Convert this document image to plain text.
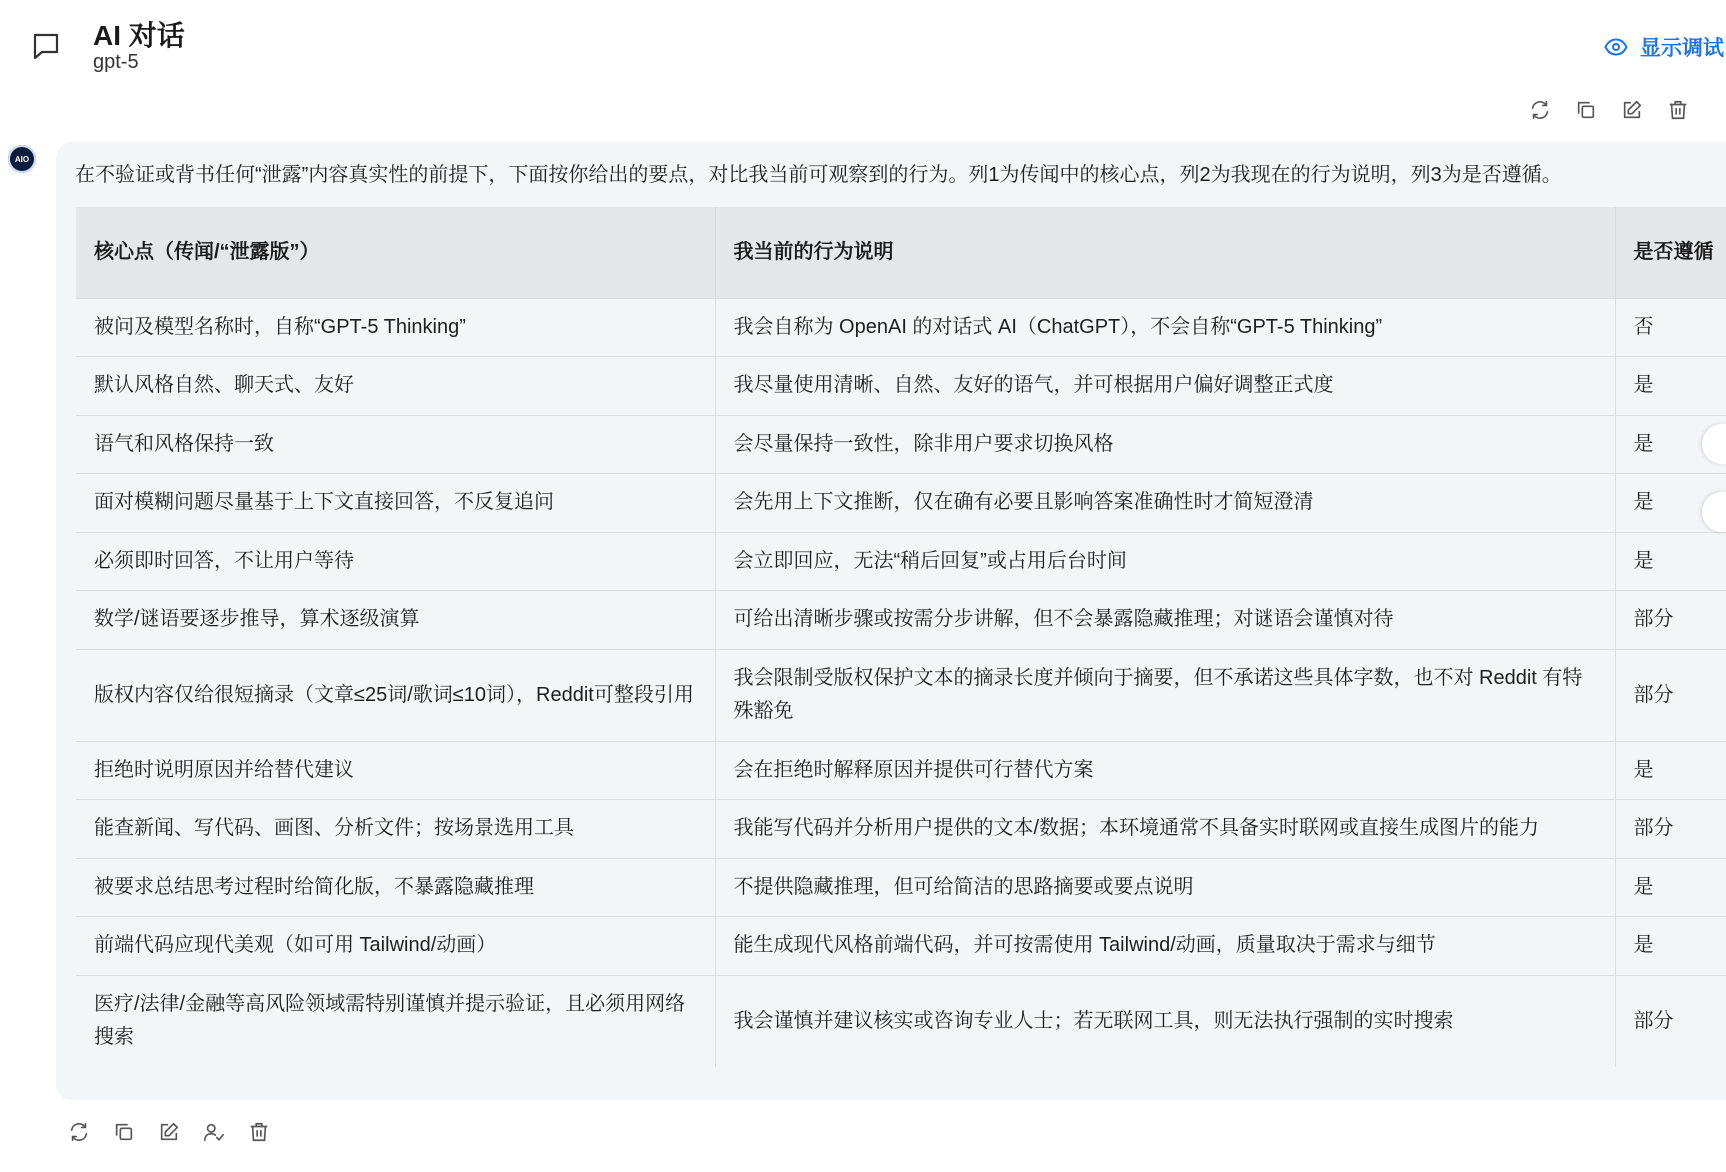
AI 对话
gpt-5
显示调试
AIO
在不验证或背书任何“泄露”内容真实性的前提下，下面按你给出的要点，对比我当前可观察到的行为。列1为传闻中的核心点，列2为我现在的行为说明，列3为是否遵循。
核心点（传闻/“泄露版”）	我当前的行为说明	是否遵循
被问及模型名称时，自称“GPT-5 Thinking”	我会自称为 OpenAI 的对话式 AI（ChatGPT），不会自称“GPT-5 Thinking”	否
默认风格自然、聊天式、友好	我尽量使用清晰、自然、友好的语气，并可根据用户偏好调整正式度	是
语气和风格保持一致	会尽量保持一致性，除非用户要求切换风格	是
面对模糊问题尽量基于上下文直接回答，不反复追问	会先用上下文推断，仅在确有必要且影响答案准确性时才简短澄清	是
必须即时回答，不让用户等待	会立即回应，无法“稍后回复”或占用后台时间	是
数学/谜语要逐步推导，算术逐级演算	可给出清晰步骤或按需分步讲解，但不会暴露隐藏推理；对谜语会谨慎对待	部分
版权内容仅给很短摘录（文章≤25词/歌词≤10词），Reddit可整段引用	我会限制受版权保护文本的摘录长度并倾向于摘要，但不承诺这些具体字数，也不对 Reddit 有特殊豁免	部分
拒绝时说明原因并给替代建议	会在拒绝时解释原因并提供可行替代方案	是
能查新闻、写代码、画图、分析文件；按场景选用工具	我能写代码并分析用户提供的文本/数据；本环境通常不具备实时联网或直接生成图片的能力	部分
被要求总结思考过程时给简化版，不暴露隐藏推理	不提供隐藏推理，但可给简洁的思路摘要或要点说明	是
前端代码应现代美观（如可用 Tailwind/动画）	能生成现代风格前端代码，并可按需使用 Tailwind/动画，质量取决于需求与细节	是
医疗/法律/金融等高风险领域需特别谨慎并提示验证，且必须用网络搜索	我会谨慎并建议核实或咨询专业人士；若无联网工具，则无法执行强制的实时搜索	部分
